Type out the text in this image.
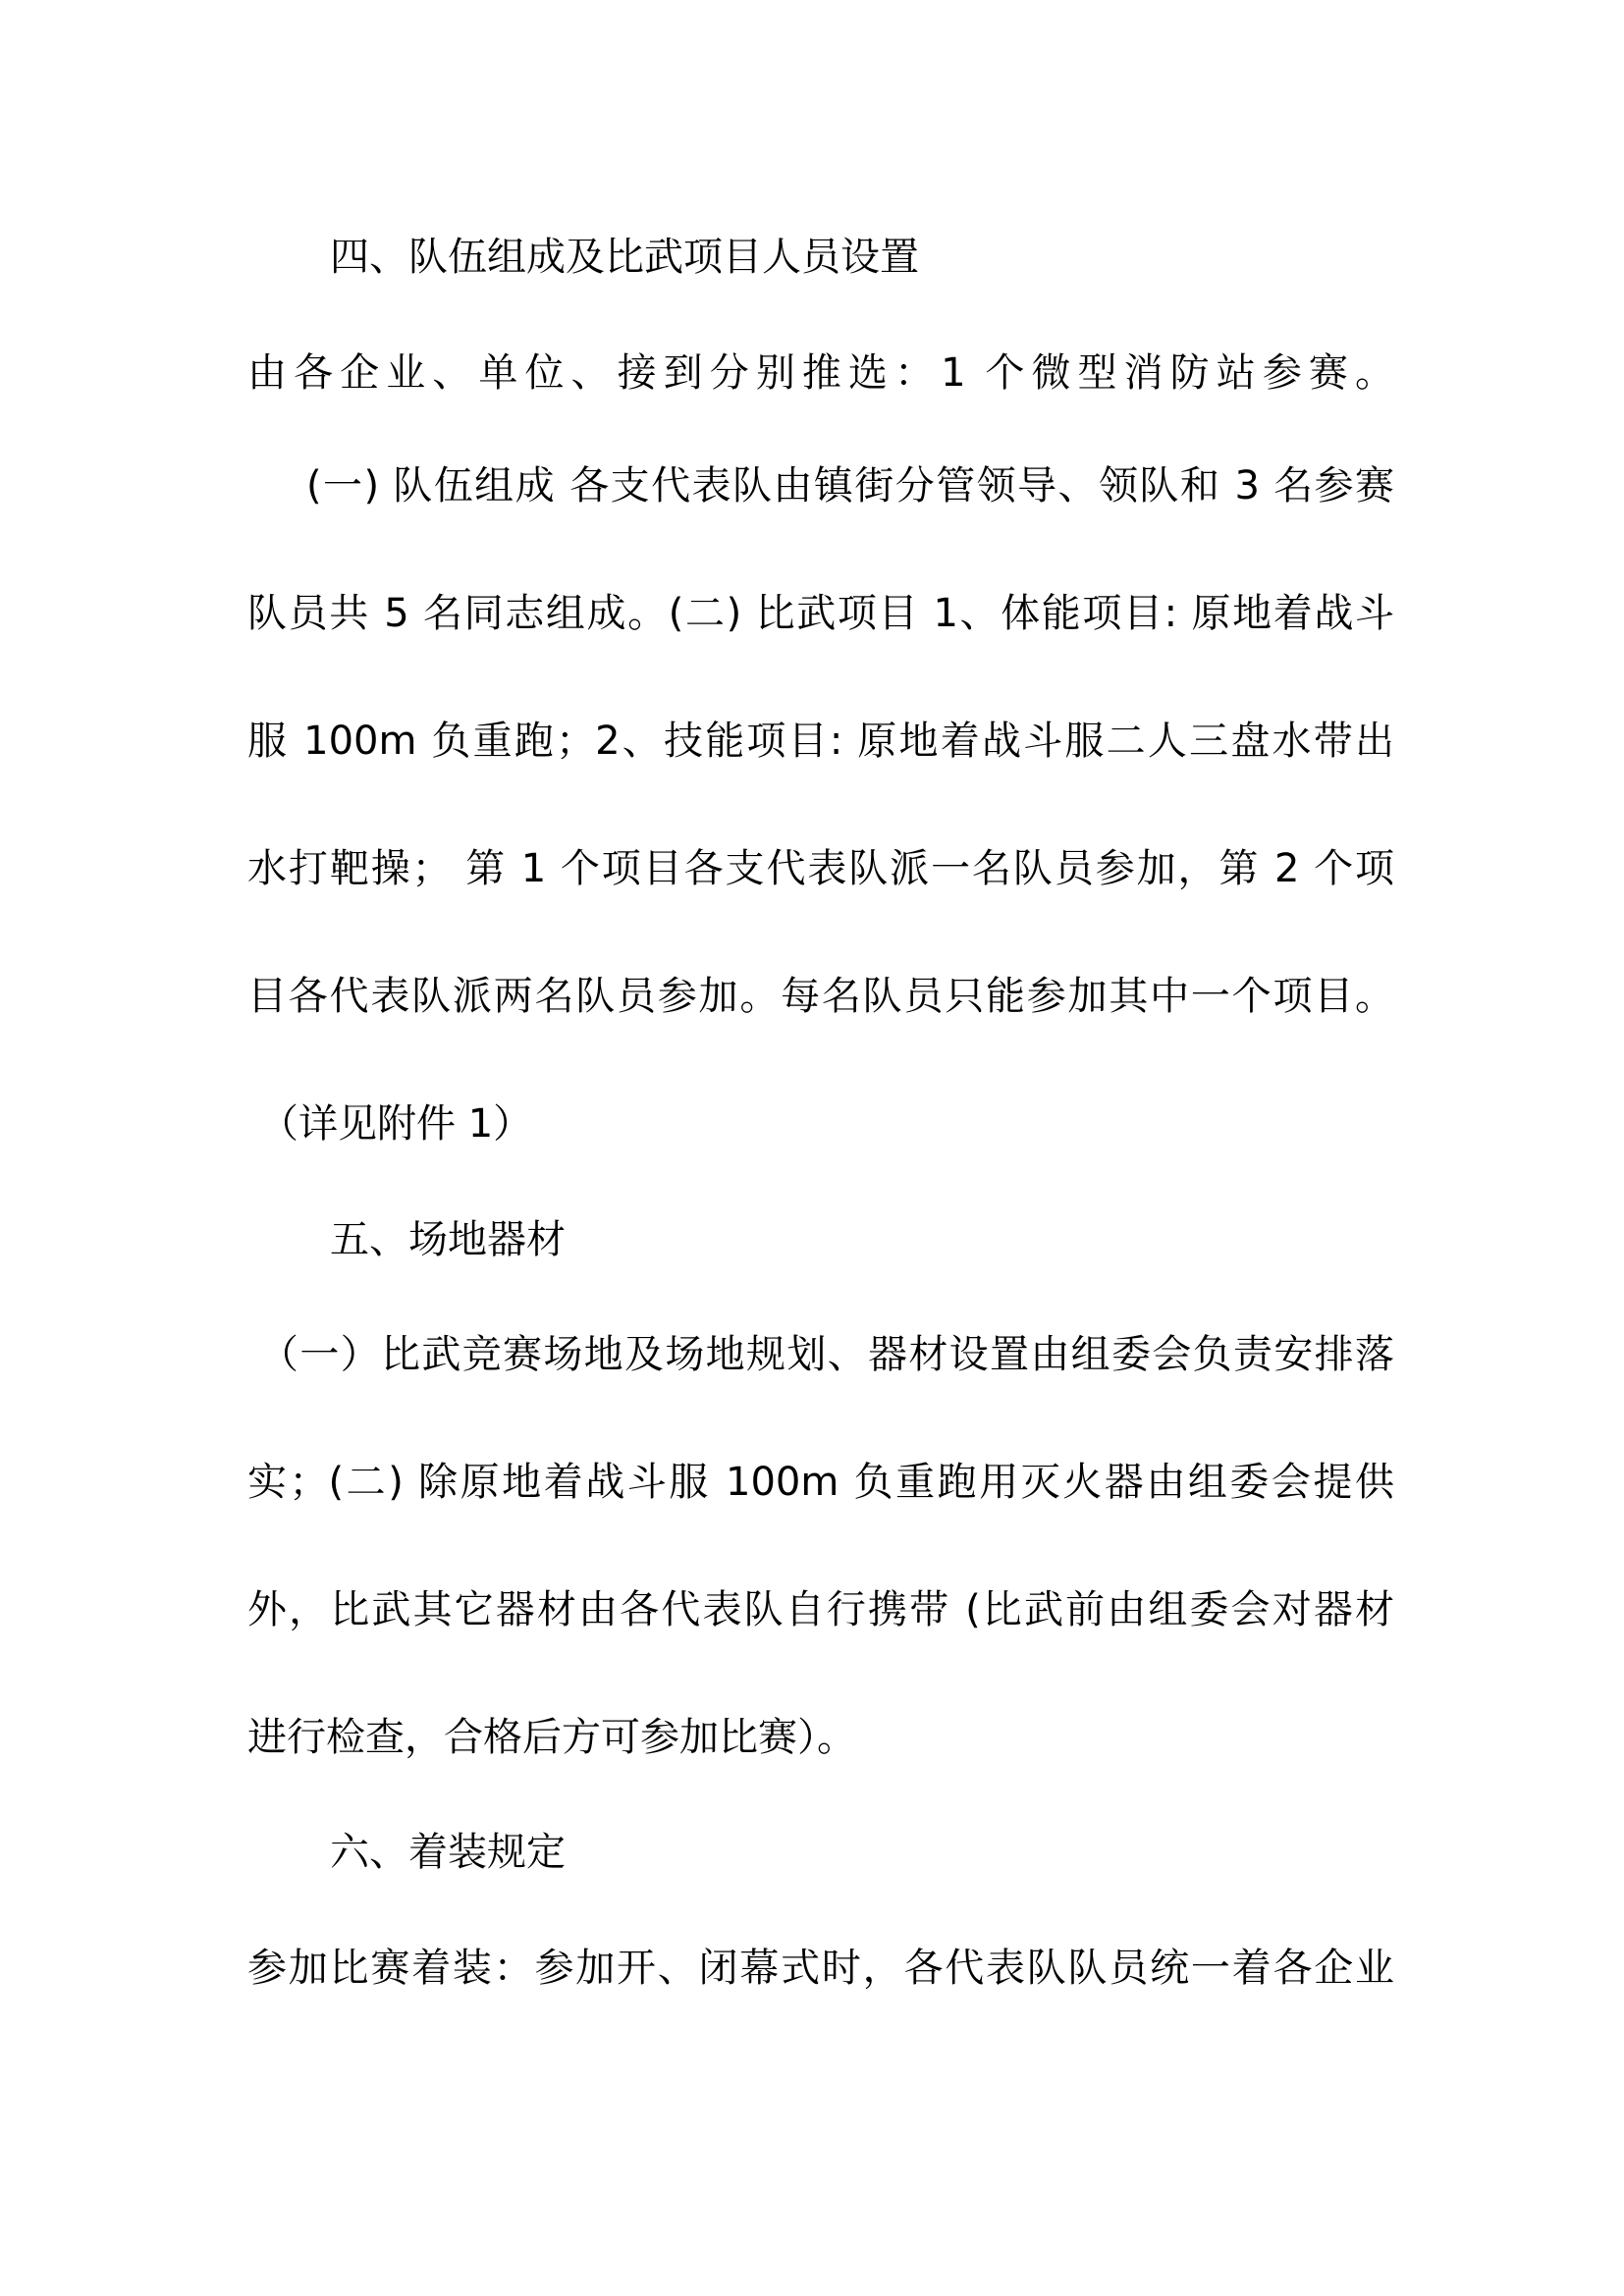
四、队伍组成及比武项目人员设置
由各企业、单位、接到分别推选：1 个微型消防站参赛。
(一) 队伍组成 各支代表队由镇街分管领导、领队和 3 名参赛
队员共 5 名同志组成。(二) 比武项目 1、体能项目: 原地着战斗
服 100m 负重跑；2、技能项目: 原地着战斗服二人三盘水带出
水打靶操； 第 1 个项目各支代表队派一名队员参加，第 2 个项
目各代表队派两名队员参加。每名队员只能参加其中一个项目。
（详见附件 1）
五、场地器材
（一）比武竞赛场地及场地规划、器材设置由组委会负责安排落
实；(二) 除原地着战斗服 100m 负重跑用灭火器由组委会提供
外，比武其它器材由各代表队自行携带 (比武前由组委会对器材
进行检查，合格后方可参加比赛）。
六、着装规定
参加比赛着装：参加开、闭幕式时，各代表队队员统一着各企业
